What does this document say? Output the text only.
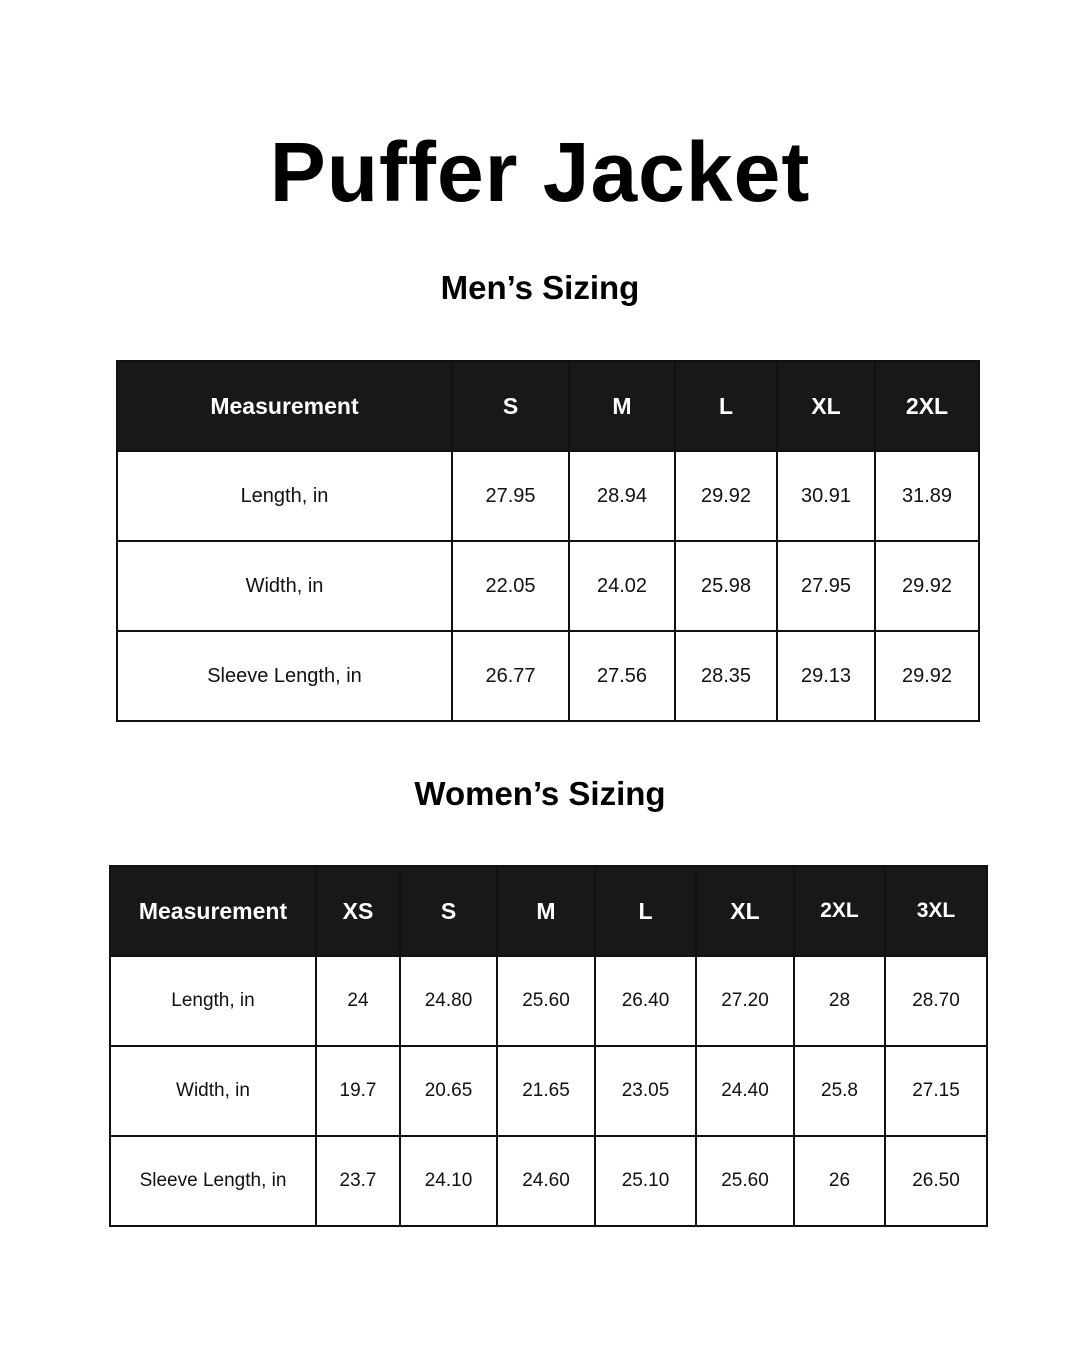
Puffer Jacket
Men’s Sizing
Measurement	S	M	L	XL	2XL
Length, in	27.95	28.94	29.92	30.91	31.89
Width, in	22.05	24.02	25.98	27.95	29.92
Sleeve Length, in	26.77	27.56	28.35	29.13	29.92
Women’s Sizing
Measurement	XS	S	M	L	XL	2XL	3XL
Length, in	24	24.80	25.60	26.40	27.20	28	28.70
Width, in	19.7	20.65	21.65	23.05	24.40	25.8	27.15
Sleeve Length, in	23.7	24.10	24.60	25.10	25.60	26	26.50
